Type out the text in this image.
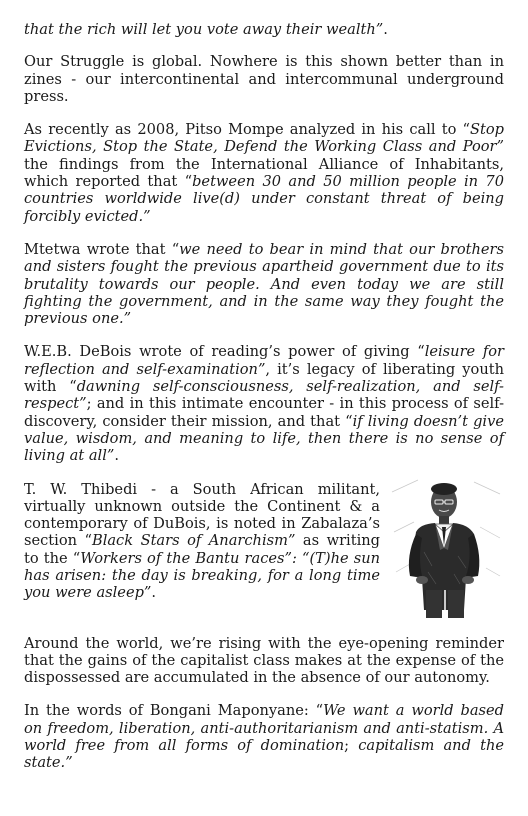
that the rich will let you vote away their wealth”.

Our Struggle is global. Nowhere is this shown better than in zines - our intercontinental and intercommunal underground press.

As recently as 2008, Pitso Mompe analyzed in his call to “Stop Evictions, Stop the State, Defend the Working Class and Poor” the findings from the International Alliance of Inhabitants, which reported that “between 30 and 50 million people in 70 countries worldwide live(d) under constant threat of being forcibly evicted.”

Mtetwa wrote that “we need to bear in mind that our brothers and sisters fought the previous apartheid government due to its brutality towards our people. And even today we are still fighting the government, and in the same way they fought the previous one.”

W.E.B. DeBois wrote of reading’s power of giving “leisure for reflection and self-examination”, it’s legacy of liberating youth with “dawning self-consciousness, self-realization, and self-respect”; and in this intimate encounter - in this process of self-discovery, consider their mission, and that “if living doesn’t give value, wisdom, and meaning to life, then there is no sense of living at all”.

T. W. Thibedi - a South African militant, virtually unknown outside the Continent & a contemporary of DuBois, is noted in Zabalaza’s section “Black Stars of Anarchism” as writing to the “Workers of the Bantu races”: “(T)he sun has arisen: the day is breaking, for a long time you were asleep”.

Around the world, we’re rising with the eye-opening reminder that the gains of the capitalist class makes at the expense of the dispossessed are accumulated in the absence of our autonomy.

In the words of Bongani Maponyane: “We want a world based on freedom, liberation, anti-authoritarianism and anti-statism. A world free from all forms of domination; capitalism and the state.”
